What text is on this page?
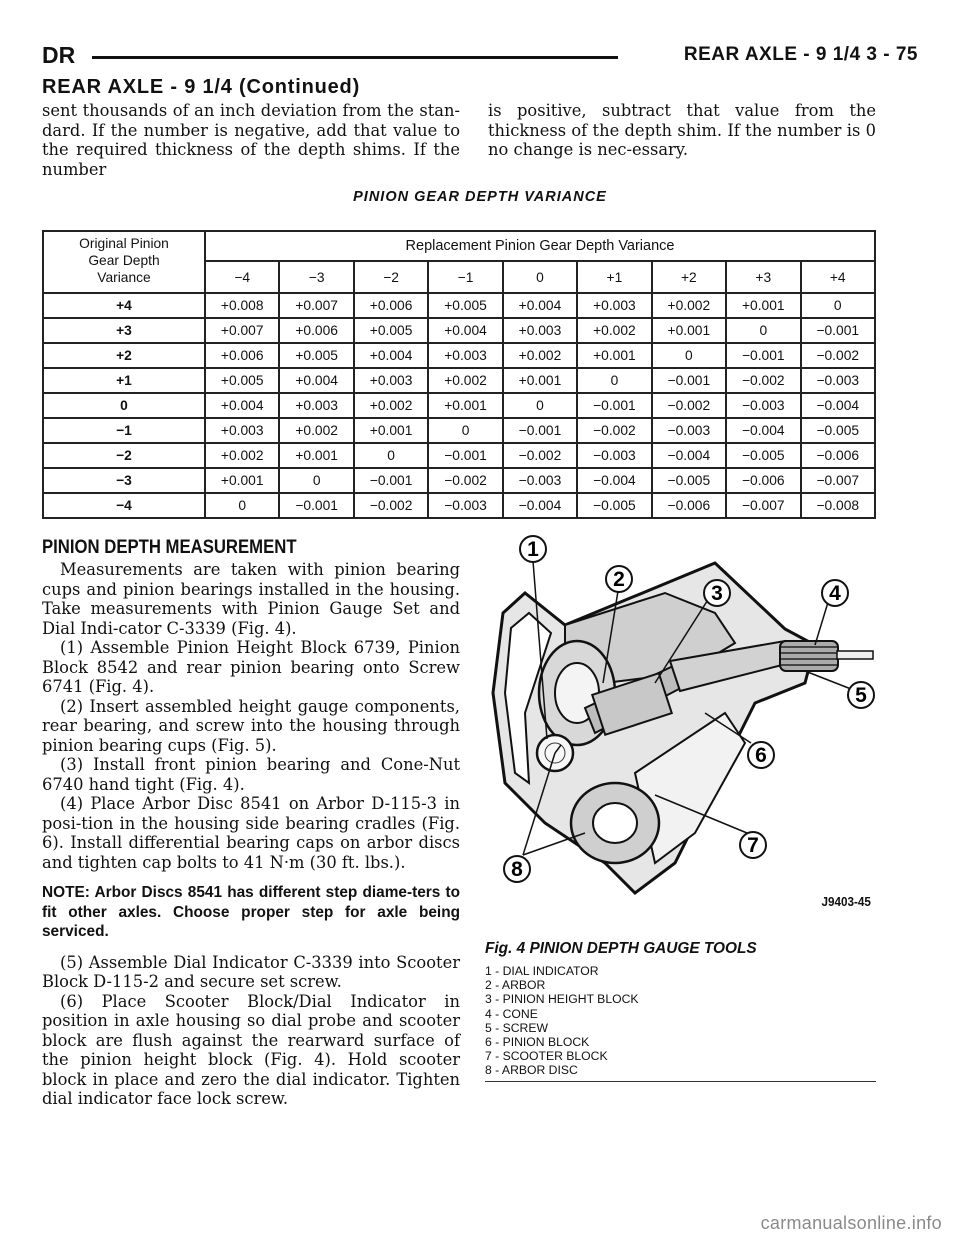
DR	REAR AXLE - 9 1/4 3 - 75
REAR AXLE - 9 1/4 (Continued)
sent thousands of an inch deviation from the stan-dard. If the number is negative, add that value to the required thickness of the depth shims. If the number
is positive, subtract that value from the thickness of the depth shim. If the number is 0 no change is nec-essary.
PINION GEAR DEPTH VARIANCE
Original Pinion
Gear Depth
Variance	Replacement Pinion Gear Depth Variance								
	−4	−3	−2	−1	0	+1	+2	+3	+4
+4	+0.008	+0.007	+0.006	+0.005	+0.004	+0.003	+0.002	+0.001	0
+3	+0.007	+0.006	+0.005	+0.004	+0.003	+0.002	+0.001	0	−0.001
+2	+0.006	+0.005	+0.004	+0.003	+0.002	+0.001	0	−0.001	−0.002
+1	+0.005	+0.004	+0.003	+0.002	+0.001	0	−0.001	−0.002	−0.003
0	+0.004	+0.003	+0.002	+0.001	0	−0.001	−0.002	−0.003	−0.004
−1	+0.003	+0.002	+0.001	0	−0.001	−0.002	−0.003	−0.004	−0.005
−2	+0.002	+0.001	0	−0.001	−0.002	−0.003	−0.004	−0.005	−0.006
−3	+0.001	0	−0.001	−0.002	−0.003	−0.004	−0.005	−0.006	−0.007
−4	0	−0.001	−0.002	−0.003	−0.004	−0.005	−0.006	−0.007	−0.008
PINION DEPTH MEASUREMENT

Measurements are taken with pinion bearing cups and pinion bearings installed in the housing. Take measurements with Pinion Gauge Set and Dial Indi-cator C-3339 (Fig. 4).

(1) Assemble Pinion Height Block 6739, Pinion Block 8542 and rear pinion bearing onto Screw 6741 (Fig. 4).

(2) Insert assembled height gauge components, rear bearing, and screw into the housing through pinion bearing cups (Fig. 5).

(3) Install front pinion bearing and Cone-Nut 6740 hand tight (Fig. 4).

(4) Place Arbor Disc 8541 on Arbor D-115-3 in posi-tion in the housing side bearing cradles (Fig. 6). Install differential bearing caps on arbor discs and tighten cap bolts to 41 N·m (30 ft. lbs.).

NOTE: Arbor Discs 8541 has different step diame-ters to fit other axles. Choose proper step for axle being serviced.

(5) Assemble Dial Indicator C-3339 into Scooter Block D-115-2 and secure set screw.

(6) Place Scooter Block/Dial Indicator in position in axle housing so dial probe and scooter block are flush against the rearward surface of the pinion height block (Fig. 4). Hold scooter block in place and zero the dial indicator. Tighten dial indicator face lock screw.

1
2
3	4
5
6
7
8
J9403-45
Fig. 4 PINION DEPTH GAUGE TOOLS
1 - DIAL INDICATOR
2 - ARBOR
3 - PINION HEIGHT BLOCK
4 - CONE
5 - SCREW
6 - PINION BLOCK
7 - SCOOTER BLOCK
8 - ARBOR DISC
carmanualsonline.info
